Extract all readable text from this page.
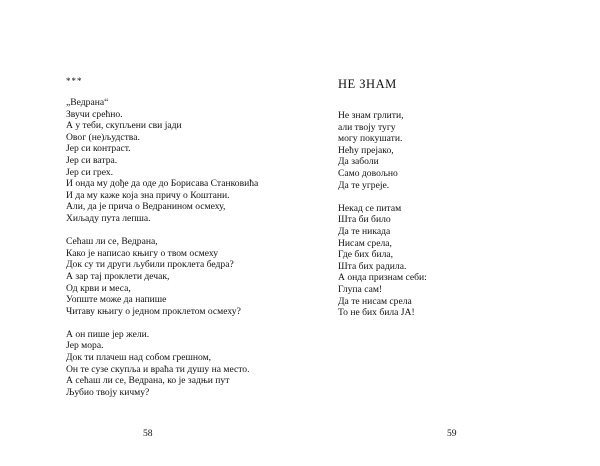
***
„Ведрана“
Звучи срећно.
А у теби, скупљени сви јади
Овог (не)људства.
Јер си контраст.
Јер си ватра.
Јер си грех.
И онда му дође да оде до Борисава Станковића
И да му каже која зна причу о Коштани.
Али, да је прича о Ведранином осмеху,
Хиљаду пута лепша.
Сећаш ли се, Ведрана,
Како је написао књигу о твом осмеху
Док су ти други љубили проклета бедра?
А зар тај проклети дечак,
Од крви и меса,
Уопште може да напише
Читаву књигу о једном проклетом осмеху?
А он пише јер жели.
Јер мора.
Док ти плачеш над собом грешном,
Он те сузе скупља и враћа ти душу на место.
А сећаш ли се, Ведрана, ко је задњи пут
Љубио твоју кичму?
58
НЕ ЗНАМ
Не знам грлити,
али твоју тугу
могу покушати.
Нећу прејако,
Да заболи
Само довољно
Да те угреје.
Некад се питам
Шта би било
Да те никада
Нисам срела,
Где бих била,
Шта бих радила.
А онда признам себи:
Глупа сам!
Да те нисам срела
То не бих била ЈА!
59
